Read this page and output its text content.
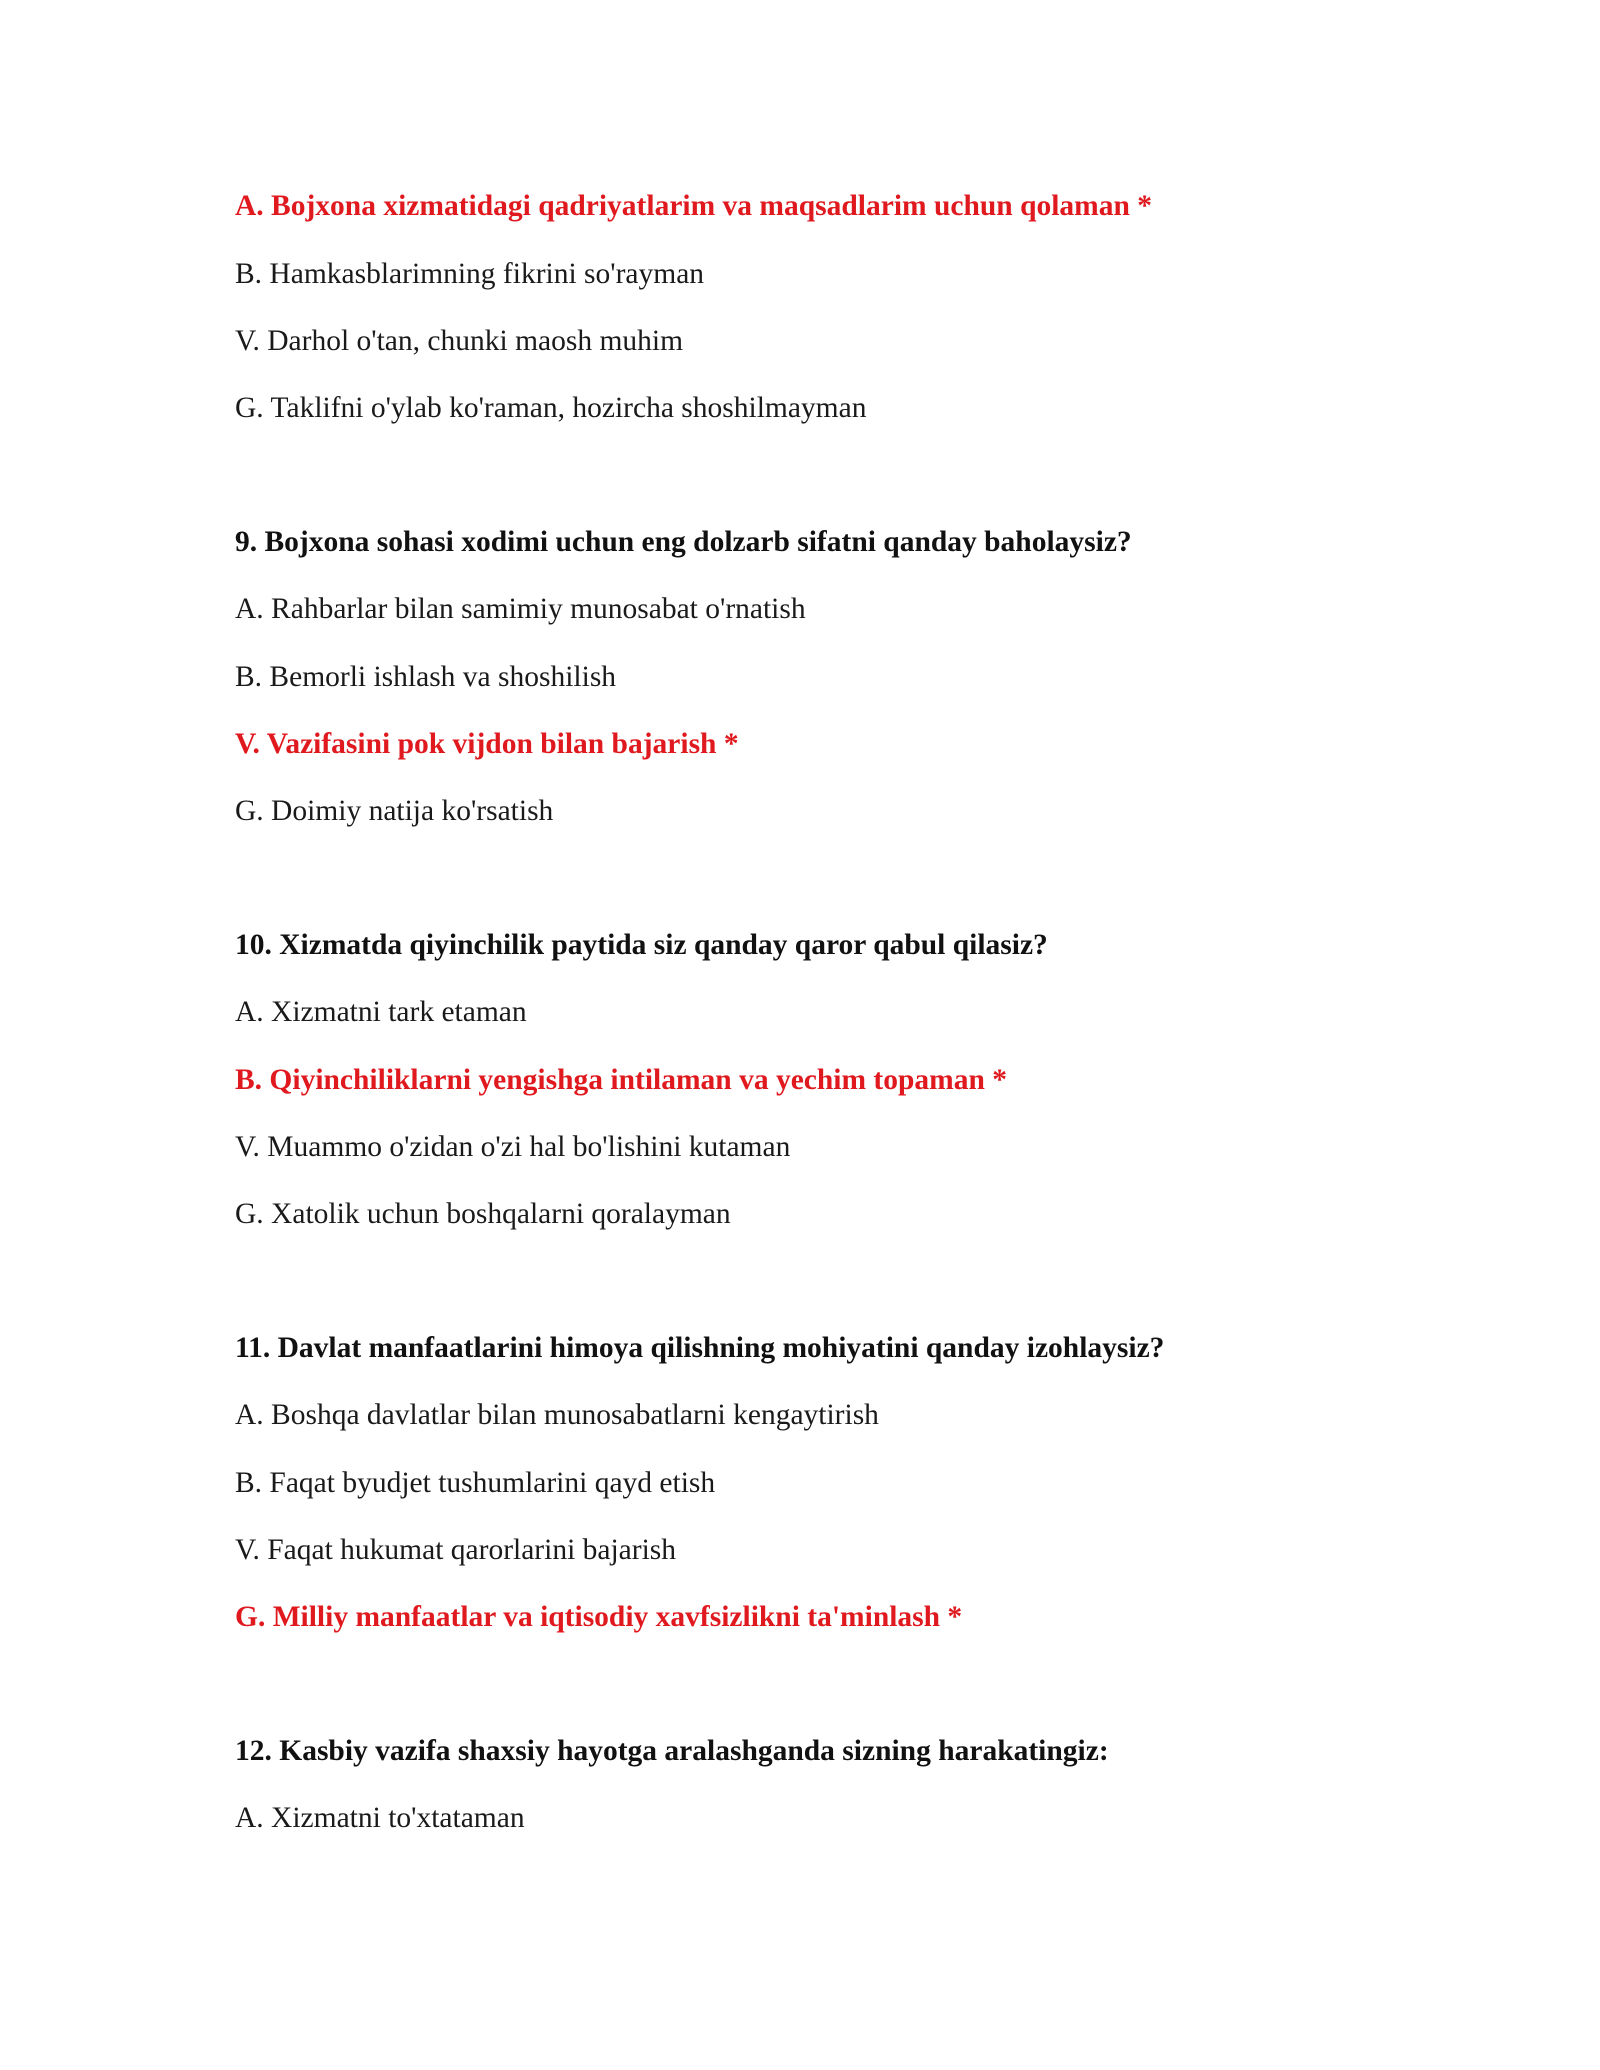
A. Bojxona xizmatidagi qadriyatlarim va maqsadlarim uchun qolaman *
B. Hamkasblarimning fikrini so'rayman
V. Darhol o'tan, chunki maosh muhim
G. Taklifni o'ylab ko'raman, hozircha shoshilmayman
9. Bojxona sohasi xodimi uchun eng dolzarb sifatni qanday baholaysiz?
A. Rahbarlar bilan samimiy munosabat o'rnatish
B. Bemorli ishlash va shoshilish
V. Vazifasini pok vijdon bilan bajarish *
G. Doimiy natija ko'rsatish
10. Xizmatda qiyinchilik paytida siz qanday qaror qabul qilasiz?
A. Xizmatni tark etaman
B. Qiyinchiliklarni yengishga intilaman va yechim topaman *
V. Muammo o'zidan o'zi hal bo'lishini kutaman
G. Xatolik uchun boshqalarni qoralayman
11. Davlat manfaatlarini himoya qilishning mohiyatini qanday izohlaysiz?
A. Boshqa davlatlar bilan munosabatlarni kengaytirish
B. Faqat byudjet tushumlarini qayd etish
V. Faqat hukumat qarorlarini bajarish
G. Milliy manfaatlar va iqtisodiy xavfsizlikni ta'minlash *
12. Kasbiy vazifa shaxsiy hayotga aralashganda sizning harakatingiz:
A. Xizmatni to'xtataman
